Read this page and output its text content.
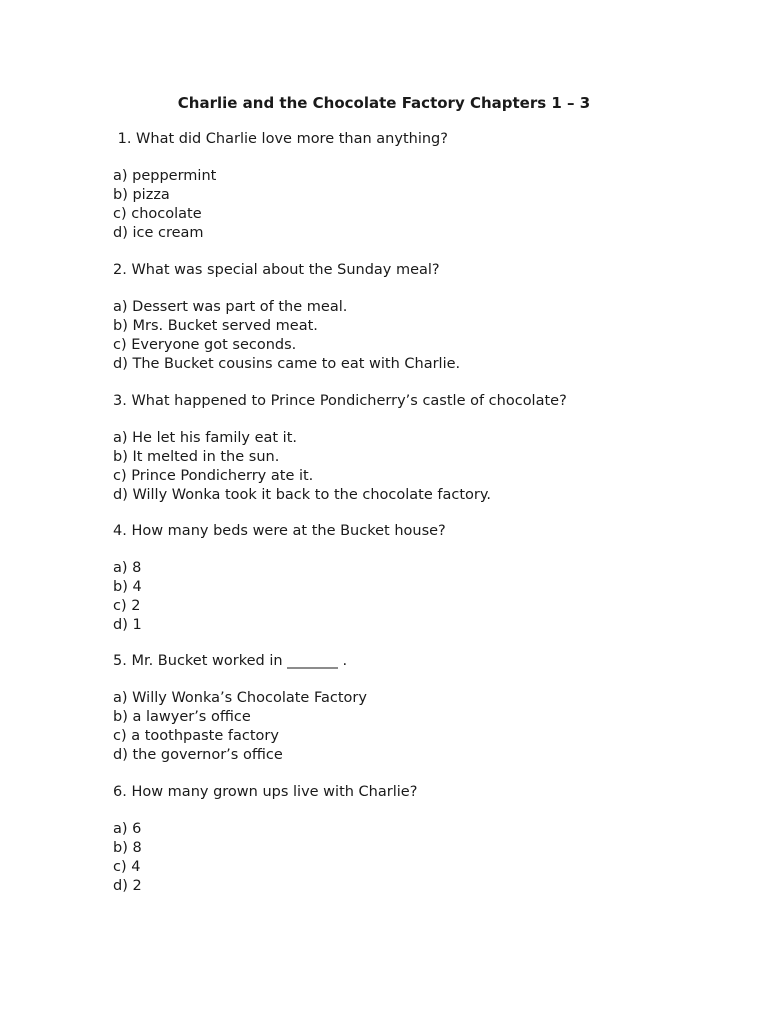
Charlie and the Chocolate Factory Chapters 1 – 3
1. What did Charlie love more than anything?
a) peppermint
b) pizza
c) chocolate
d) ice cream
2. What was special about the Sunday meal?
a) Dessert was part of the meal.
b) Mrs. Bucket served meat.
c) Everyone got seconds.
d) The Bucket cousins came to eat with Charlie.
3. What happened to Prince Pondicherry’s castle of chocolate?
a) He let his family eat it.
b) It melted in the sun.
c) Prince Pondicherry ate it.
d) Willy Wonka took it back to the chocolate factory.
4. How many beds were at the Bucket house?
a) 8
b) 4
c) 2
d) 1
5. Mr. Bucket worked in _______ .
a) Willy Wonka’s Chocolate Factory
b) a lawyer’s office
c) a toothpaste factory
d) the governor’s office
6. How many grown ups live with Charlie?
a) 6
b) 8
c) 4
d) 2
